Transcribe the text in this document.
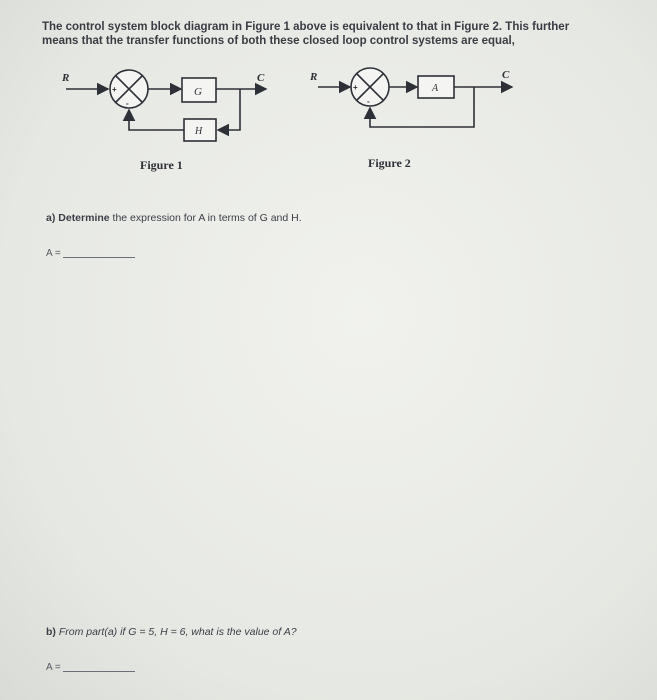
The control system block diagram in Figure 1 above is equivalent to that in Figure 2. This further means that the transfer functions of both these closed loop control systems are equal,

R	C
G
H
+
-
R	C
A
+
-
Figure 1	Figure 2
a) Determine the expression for A in terms of G and H.
A =
b) From part(a) if G = 5, H = 6, what is the value of A?
A =
